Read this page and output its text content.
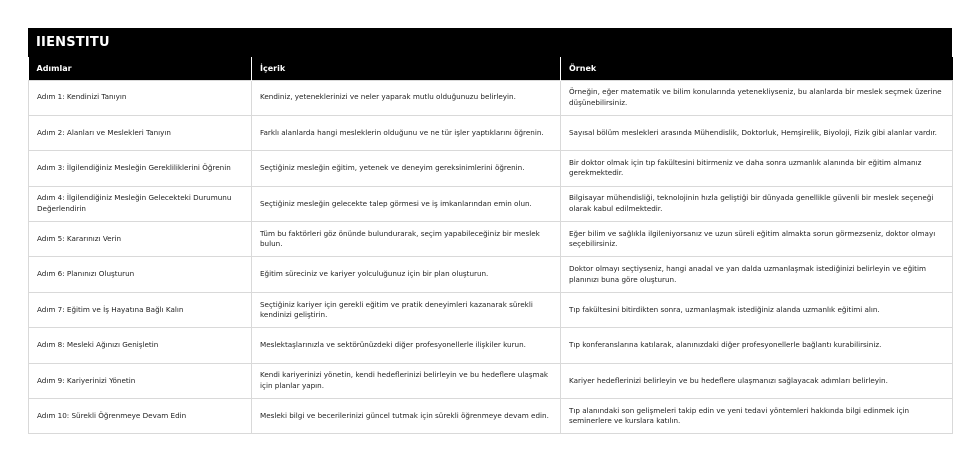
IIENSTITU
Adımlar	İçerik	Örnek
Adım 1: Kendinizi Tanıyın	Kendiniz, yeteneklerinizi ve neler yaparak mutlu olduğunuzu belirleyin.	Örneğin, eğer matematik ve bilim konularında yetenekliyseniz, bu alanlarda bir meslek seçmek üzerine düşünebilirsiniz.
Adım 2: Alanları ve Meslekleri Tanıyın	Farklı alanlarda hangi mesleklerin olduğunu ve ne tür işler yaptıklarını öğrenin.	Sayısal bölüm meslekleri arasında Mühendislik, Doktorluk, Hemşirelik, Biyoloji, Fizik gibi alanlar vardır.
Adım 3: İlgilendiğiniz Mesleğin Gerekliliklerini Öğrenin	Seçtiğiniz mesleğin eğitim, yetenek ve deneyim gereksinimlerini öğrenin.	Bir doktor olmak için tıp fakültesini bitirmeniz ve daha sonra uzmanlık alanında bir eğitim almanız gerekmektedir.
Adım 4: İlgilendiğiniz Mesleğin Gelecekteki Durumunu Değerlendirin	Seçtiğiniz mesleğin gelecekte talep görmesi ve iş imkanlarından emin olun.	Bilgisayar mühendisliği, teknolojinin hızla geliştiği bir dünyada genellikle güvenli bir meslek seçeneği olarak kabul edilmektedir.
Adım 5: Kararınızı Verin	Tüm bu faktörleri göz önünde bulundurarak, seçim yapabileceğiniz bir meslek bulun.	Eğer bilim ve sağlıkla ilgileniyorsanız ve uzun süreli eğitim almakta sorun görmezseniz, doktor olmayı seçebilirsiniz.
Adım 6: Planınızı Oluşturun	Eğitim süreciniz ve kariyer yolculuğunuz için bir plan oluşturun.	Doktor olmayı seçtiyseniz, hangi anadal ve yan dalda uzmanlaşmak istediğinizi belirleyin ve eğitim planınızı buna göre oluşturun.
Adım 7: Eğitim ve İş Hayatına Bağlı Kalın	Seçtiğiniz kariyer için gerekli eğitim ve pratik deneyimleri kazanarak sürekli kendinizi geliştirin.	Tıp fakültesini bitirdikten sonra, uzmanlaşmak istediğiniz alanda uzmanlık eğitimi alın.
Adım 8: Mesleki Ağınızı Genişletin	Meslektaşlarınızla ve sektörünüzdeki diğer profesyonellerle ilişkiler kurun.	Tıp konferanslarına katılarak, alanınızdaki diğer profesyonellerle bağlantı kurabilirsiniz.
Adım 9: Kariyerinizi Yönetin	Kendi kariyerinizi yönetin, kendi hedeflerinizi belirleyin ve bu hedeflere ulaşmak için planlar yapın.	Kariyer hedeflerinizi belirleyin ve bu hedeflere ulaşmanızı sağlayacak adımları belirleyin.
Adım 10: Sürekli Öğrenmeye Devam Edin	Mesleki bilgi ve becerilerinizi güncel tutmak için sürekli öğrenmeye devam edin.	Tıp alanındaki son gelişmeleri takip edin ve yeni tedavi yöntemleri hakkında bilgi edinmek için seminerlere ve kurslara katılın.
